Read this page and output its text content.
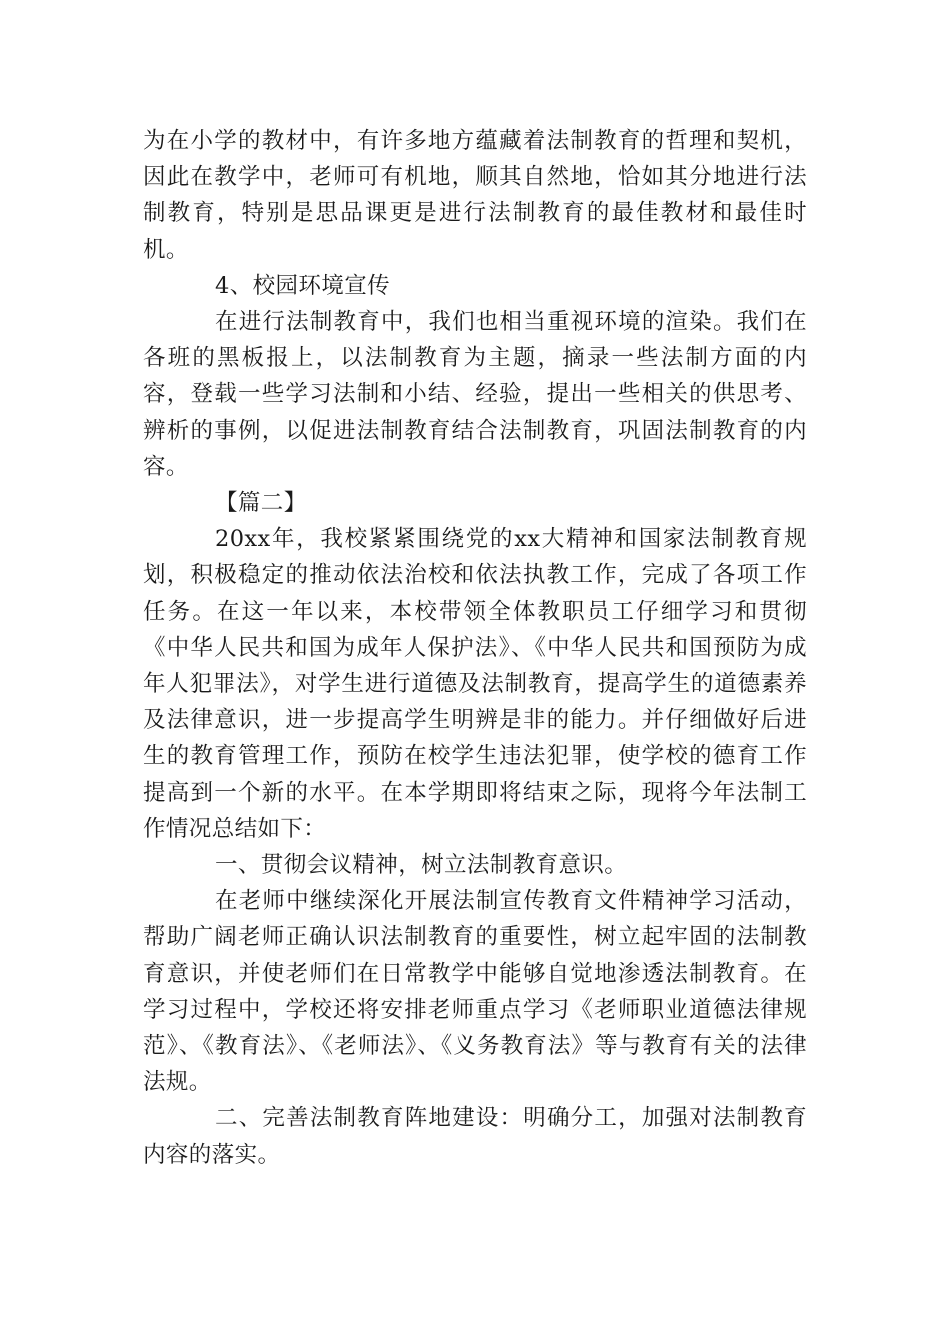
为在小学的教材中，有许多地方蕴藏着法制教育的哲理和契机，因此在教学中，老师可有机地，顺其自然地，恰如其分地进行法制教育，特别是思品课更是进行法制教育的最佳教材和最佳时机。

4、校园环境宣传

在进行法制教育中，我们也相当重视环境的渲染。我们在各班的黑板报上，以法制教育为主题，摘录一些法制方面的内容，登载一些学习法制和小结、经验，提出一些相关的供思考、辨析的事例，以促进法制教育结合法制教育，巩固法制教育的内容。

【篇二】

20xx年，我校紧紧围绕党的xx大精神和国家法制教育规划，积极稳定的推动依法治校和依法执教工作，完成了各项工作任务。在这一年以来，本校带领全体教职员工仔细学习和贯彻《中华人民共和国为成年人保护法》、《中华人民共和国预防为成年人犯罪法》，对学生进行道德及法制教育，提高学生的道德素养及法律意识，进一步提高学生明辨是非的能力。并仔细做好后进生的教育管理工作，预防在校学生违法犯罪，使学校的德育工作提高到一个新的水平。在本学期即将结束之际，现将今年法制工作情况总结如下：

一、贯彻会议精神，树立法制教育意识。

在老师中继续深化开展法制宣传教育文件精神学习活动，帮助广阔老师正确认识法制教育的重要性，树立起牢固的法制教育意识，并使老师们在日常教学中能够自觉地渗透法制教育。在学习过程中，学校还将安排老师重点学习《老师职业道德法律规范》、《教育法》、《老师法》、《义务教育法》等与教育有关的法律法规。

二、完善法制教育阵地建设：明确分工，加强对法制教育内容的落实。
